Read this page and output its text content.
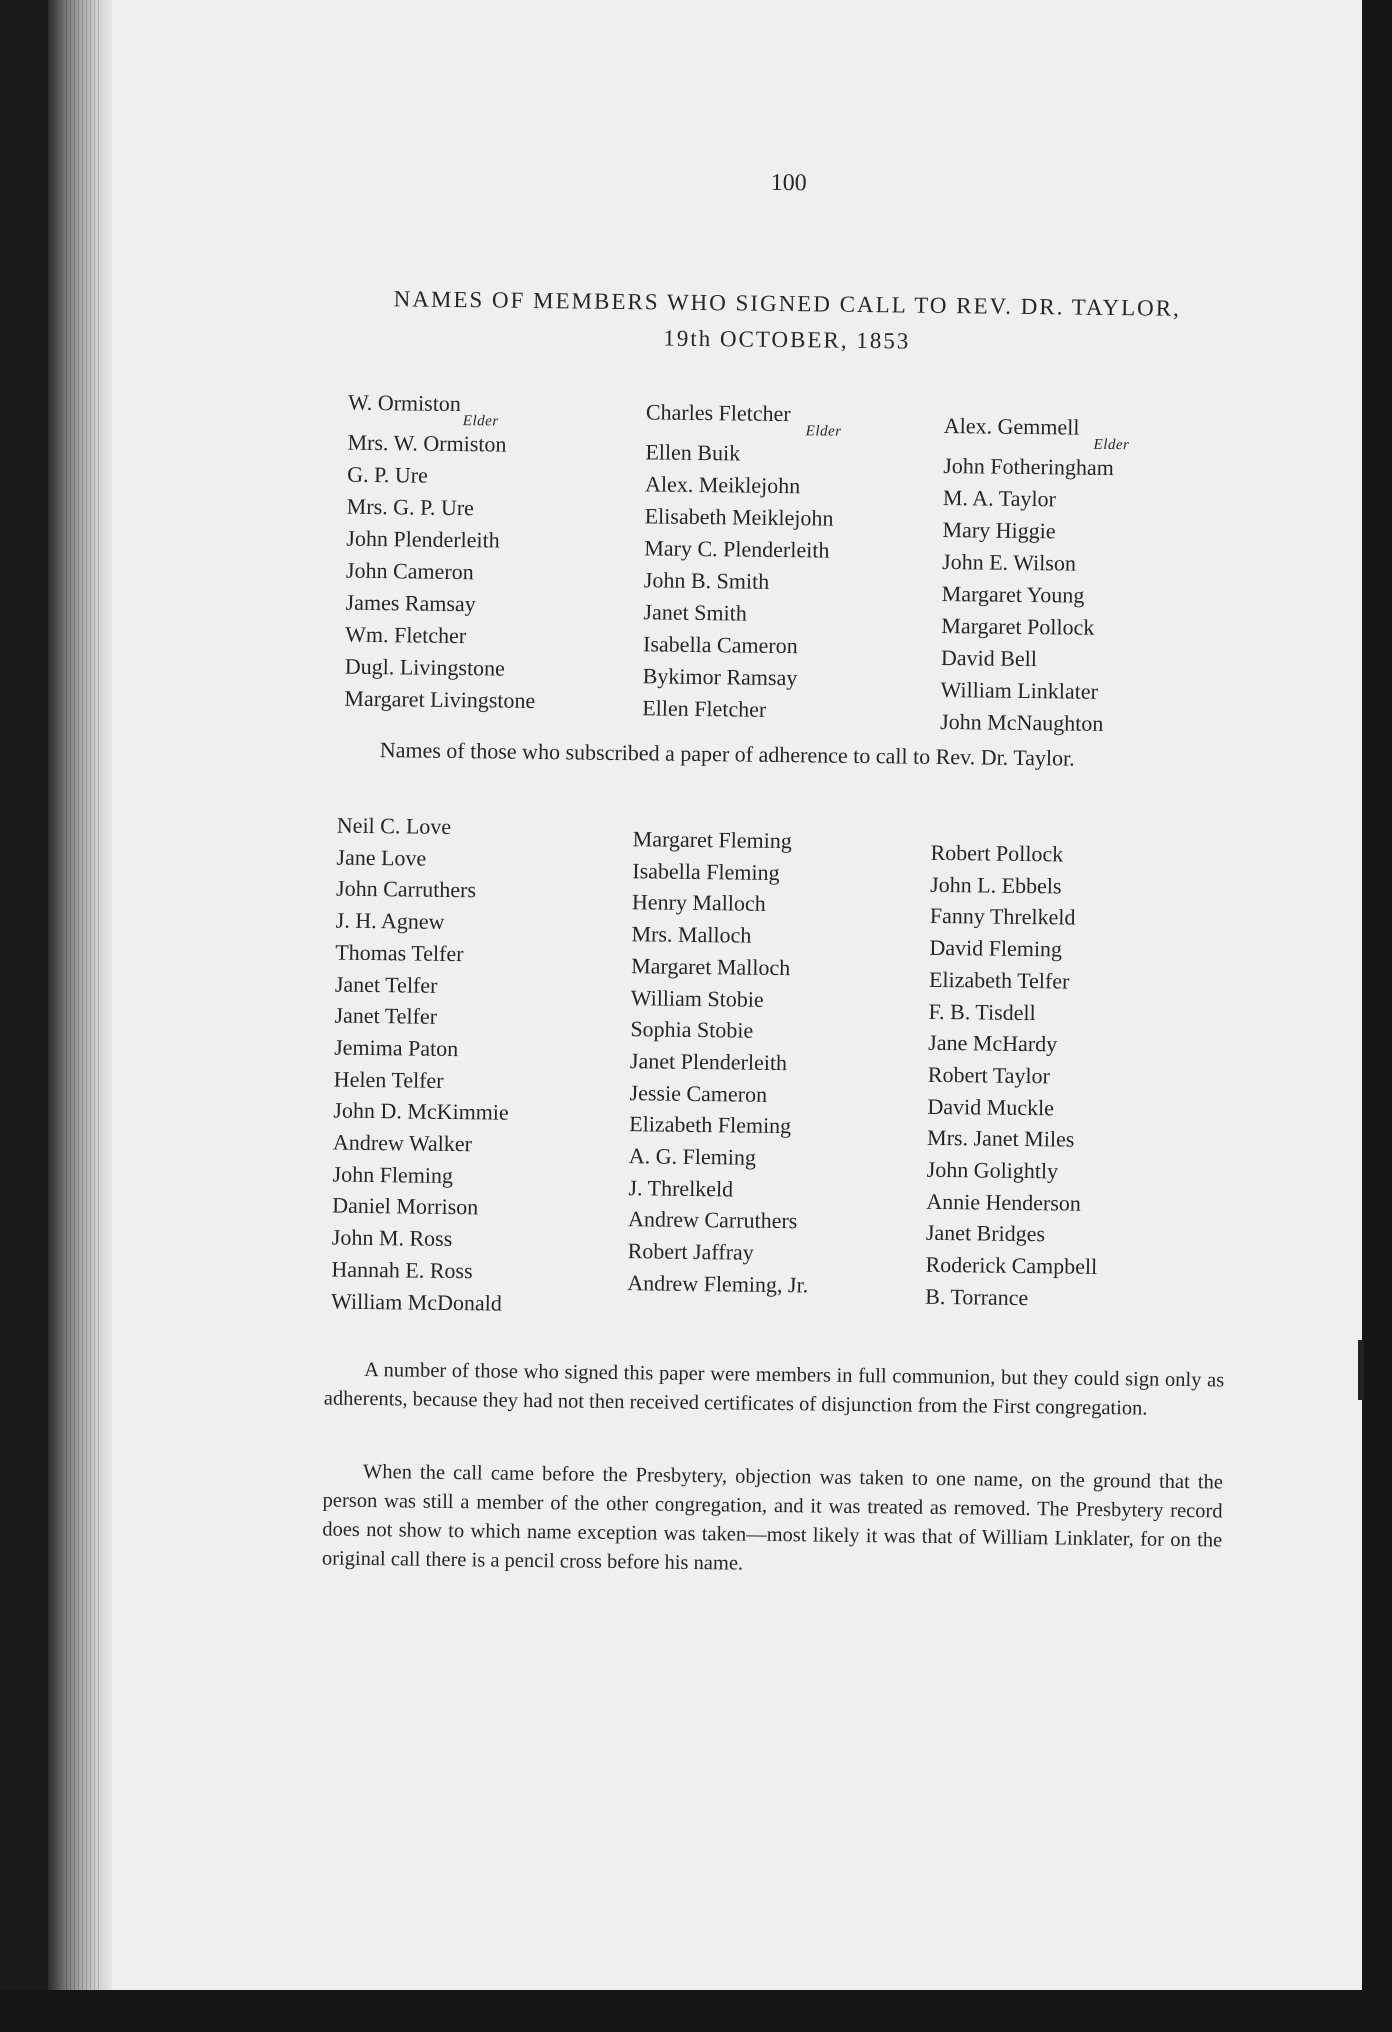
100
NAMES OF MEMBERS WHO SIGNED CALL TO REV. DR. TAYLOR,
19th OCTOBER, 1853
W. Ormiston
Elder
Mrs. W. Ormiston
G. P. Ure
Mrs. G. P. Ure
John Plenderleith
John Cameron
James Ramsay
Wm. Fletcher
Dugl. Livingstone
Margaret Livingstone
Charles Fletcher
Elder
Ellen Buik
Alex. Meiklejohn
Elisabeth Meiklejohn
Mary C. Plenderleith
John B. Smith
Janet Smith
Isabella Cameron
Bykimor Ramsay
Ellen Fletcher
Alex. Gemmell
Elder
John Fotheringham
M. A. Taylor
Mary Higgie
John E. Wilson
Margaret Young
Margaret Pollock
David Bell
William Linklater
John McNaughton
Names of those who subscribed a paper of adherence to call to Rev. Dr. Taylor.
Neil C. Love
Jane Love
John Carruthers
J. H. Agnew
Thomas Telfer
Janet Telfer
Janet Telfer
Jemima Paton
Helen Telfer
John D. McKimmie
Andrew Walker
John Fleming
Daniel Morrison
John M. Ross
Hannah E. Ross
William McDonald
Margaret Fleming
Isabella Fleming
Henry Malloch
Mrs. Malloch
Margaret Malloch
William Stobie
Sophia Stobie
Janet Plenderleith
Jessie Cameron
Elizabeth Fleming
A. G. Fleming
J. Threlkeld
Andrew Carruthers
Robert Jaffray
Andrew Fleming, Jr.
Robert Pollock
John L. Ebbels
Fanny Threlkeld
David Fleming
Elizabeth Telfer
F. B. Tisdell
Jane McHardy
Robert Taylor
David Muckle
Mrs. Janet Miles
John Golightly
Annie Henderson
Janet Bridges
Roderick Campbell
B. Torrance

A number of those who signed this paper were members in full communion, but they could sign only as adherents, because they had not then received certificates of disjunction from the First congregation.

When the call came before the Presbytery, objection was taken to one name, on the ground that the person was still a member of the other congregation, and it was treated as removed. The Presbytery record does not show to which name exception was taken—most likely it was that of William Linklater, for on the original call there is a pencil cross before his name.
